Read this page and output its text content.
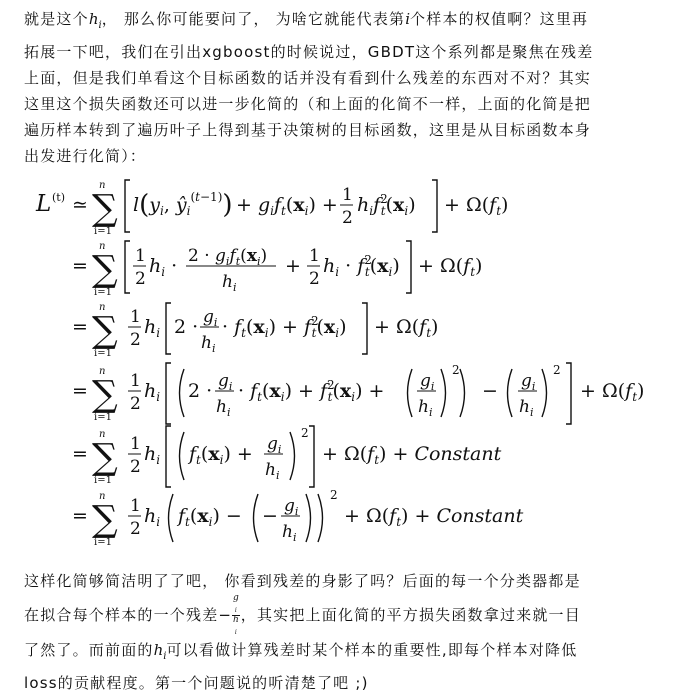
就是这个$h_i$， 那么你可能要问了， 为啥它就能代表第i个样本的权值啊？这里再
拓展一下吧，我们在引出xgboost的时候说过，GBDT这个系列都是聚焦在残差
上面，但是我们单看这个目标函数的话并没有看到什么残差的东西对不对？其实
这里这个损失函数还可以进一步化简的（和上面的化简不一样，上面的化简是把
遍历样本转到了遍历叶子上得到基于决策树的目标函数，这里是从目标函数本身
出发进行化简）：
L (t) ≃
n
∑
i=1
$l(y_i$, $ŷ_i^(t-1)) + g_if_t(x_i) + 1$
2
$h_if^2$ $t(x_i) + \Omega(f_t)$
=
n
∑
i=1
1
2
$h_i \cdot 2 \cdot g_if_t(x_i)$
$h_i$
+ 1
2
$h_i \cdot f^2$ $t(x_i) + \Omega(f_t)$
=
n
∑
i=1
1
2
$h_i$ $2 \cdot g_i$
$h_i$
· $f_t(x_i) + f^2$ $t(x_i) + \Omega(f_t)$
=
n
∑
i=1
1
2
$h_i$ $2 \cdot g_i$
$h_i$
· $f_t(x_i) + f^2$ $t(x_i) + g_i$
$h_i$
2
− $g_i$
$h_i$
2
+ $\Omega(f_t)$
=
n
∑
i=1
1
2
$h_i$ $f_t(x_i) + g_i$
$h_i$
2
+ $\Omega(f_t)$ + Constant
=
n
∑
i=1
1
2
$h_i$ $f_t(x_i)$ − − $g_i$
$h_i$
2
+ $\Omega(f_t)$ + Constant
这样化简够简洁明了了吧， 你看到残差的身影了吗？后面的每一个分类器都是
在拟合每个样本的一个残差− g
$_i$
h
$_i$ ，其实把上面化简的平方损失函数拿过来就一目
了然了。而前面的$h_i$可以看做计算残差时某个样本的重要性,即每个样本对降低
loss的贡献程度。第一个问题说的听清楚了吧 ;)
